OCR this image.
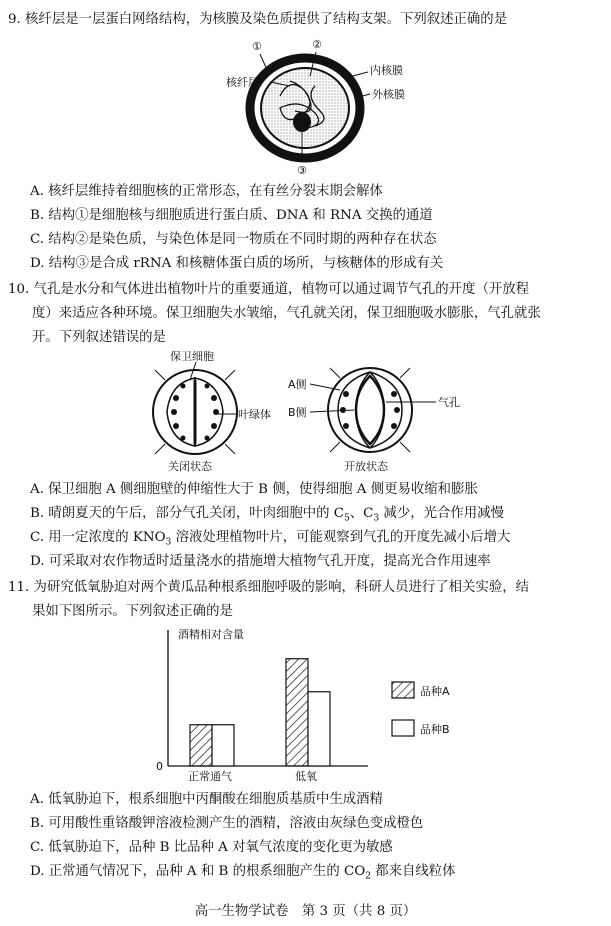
9. 核纤层是一层蛋白网络结构，为核膜及染色质提供了结构支架。下列叙述正确的是
①	②
③
核纤层
内核膜
外核膜
A. 核纤层维持着细胞核的正常形态，在有丝分裂末期会解体
B. 结构①是细胞核与细胞质进行蛋白质、DNA 和 RNA 交换的通道
C. 结构②是染色质，与染色体是同一物质在不同时期的两种存在状态
D. 结构③是合成 rRNA 和核糖体蛋白质的场所，与核糖体的形成有关
10. 气孔是水分和气体进出植物叶片的重要通道，植物可以通过调节气孔的开度（开放程
度）来适应各种环境。保卫细胞失水皱缩，气孔就关闭，保卫细胞吸水膨胀，气孔就张
开。下列叙述错误的是
保卫细胞
叶绿体
关闭状态
A侧
B侧
气孔
开放状态
A. 保卫细胞 A 侧细胞壁的伸缩性大于 B 侧，使得细胞 A 侧更易收缩和膨胀
B. 晴朗夏天的午后，部分气孔关闭，叶肉细胞中的 $C_5$、$C_3$ 减少，光合作用减慢
C. 用一定浓度的 $KNO_3$ 溶液处理植物叶片，可能观察到气孔的开度先减小后增大
D. 可采取对农作物适时适量浇水的措施增大植物气孔开度，提高光合作用速率
11. 为研究低氧胁迫对两个黄瓜品种根系细胞呼吸的影响，科研人员进行了相关实验，结
果如下图所示。下列叙述正确的是
酒精相对含量
0
正常通气	低氧
品种A
品种B
A. 低氧胁迫下，根系细胞中丙酮酸在细胞质基质中生成酒精
B. 可用酸性重铬酸钾溶液检测产生的酒精，溶液由灰绿色变成橙色
C. 低氧胁迫下，品种 B 比品种 A 对氧气浓度的变化更为敏感
D. 正常通气情况下，品种 A 和 B 的根系细胞产生的 $CO_2$ 都来自线粒体
高一生物学试卷　第 3 页（共 8 页）
